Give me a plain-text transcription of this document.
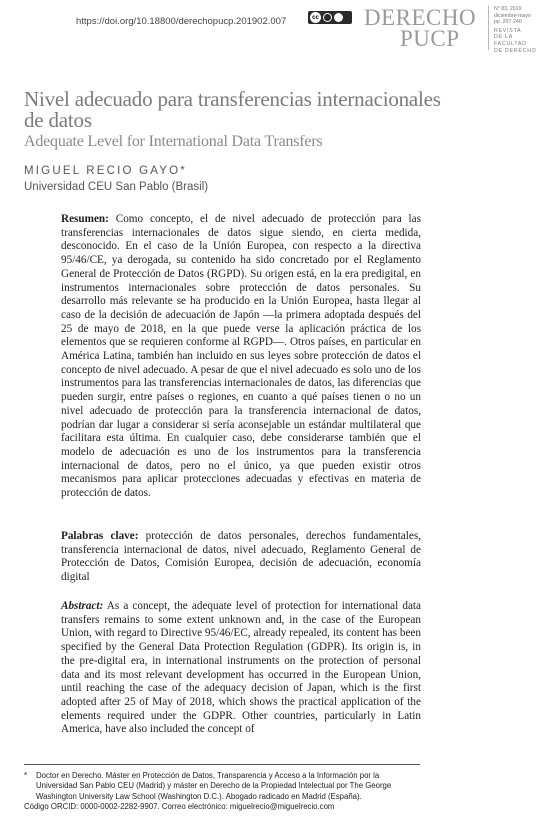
https://doi.org/10.18800/derechopucp.201902.007	cc DERECHO
PUCP
N° 83, 2019
diciembre-mayo
pp. 207-240
REVISTA
DE LA FACULTAD
DE DERECHO
Nivel adecuado para transferencias internacionales de datos
Adequate Level for International Data Transfers
MIGUEL RECIO GAYO*
Universidad CEU San Pablo (Brasil)

Resumen: Como concepto, el de nivel adecuado de protección para las transferencias internacionales de datos sigue siendo, en cierta medida, desconocido. En el caso de la Unión Europea, con respecto a la directiva 95/46/CE, ya derogada, su contenido ha sido concretado por el Reglamento General de Protección de Datos (RGPD). Su origen está, en la era predigital, en instrumentos internacionales sobre protección de datos personales. Su desarrollo más relevante se ha producido en la Unión Europea, hasta llegar al caso de la decisión de adecuación de Japón —la primera adoptada después del 25 de mayo de 2018, en la que puede verse la aplicación práctica de los elementos que se requieren conforme al RGPD—. Otros países, en particular en América Latina, también han incluido en sus leyes sobre protección de datos el concepto de nivel adecuado. A pesar de que el nivel adecuado es solo uno de los instrumentos para las transferencias internacionales de datos, las diferencias que pueden surgir, entre países o regiones, en cuanto a qué países tienen o no un nivel adecuado de protección para la transferencia internacional de datos, podrían dar lugar a considerar si sería aconsejable un estándar multilateral que facilitara esta última. En cualquier caso, debe considerarse también que el modelo de adecuación es uno de los instrumentos para la transferencia internacional de datos, pero no el único, ya que pueden existir otros mecanismos para aplicar protecciones adecuadas y efectivas en materia de protección de datos.

Palabras clave: protección de datos personales, derechos fundamentales, transferencia internacional de datos, nivel adecuado, Reglamento General de Protección de Datos, Comisión Europea, decisión de adecuación, economía digital

Abstract: As a concept, the adequate level of protection for international data transfers remains to some extent unknown and, in the case of the European Union, with regard to Directive 95/46/EC, already repealed, its content has been specified by the General Data Protection Regulation (GDPR). Its origin is, in the pre-digital era, in international instruments on the protection of personal data and its most relevant development has occurred in the European Union, until reaching the case of the adequacy decision of Japan, which is the first adopted after 25 of May of 2018, which shows the practical application of the elements required under the GDPR. Other countries, particularly in Latin America, have also included the concept of

* Doctor en Derecho. Máster en Protección de Datos, Transparencia y Acceso a la Información por la Universidad San Pablo CEU (Madrid) y máster en Derecho de la Propiedad Intelectual por The George Washington University Law School (Washington D.C.). Abogado radicado en Madrid (España).
Código ORCID: 0000-0002-2282-9907. Correo electrónico: miguelrecio@miguelrecio.com
